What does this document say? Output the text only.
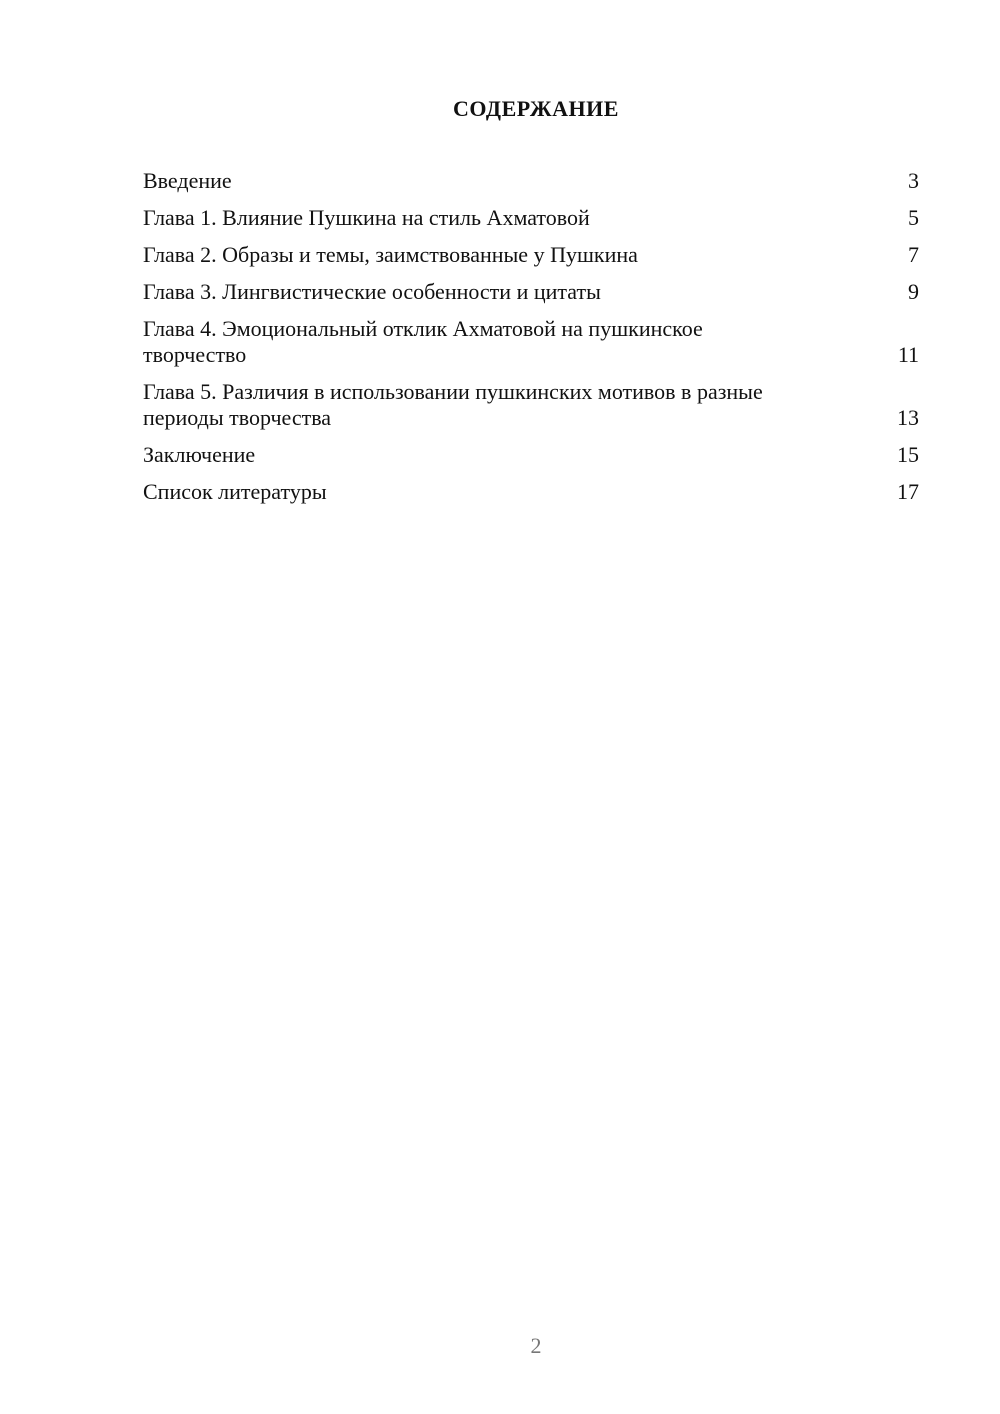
СОДЕРЖАНИЕ
Введение	3
Глава 1. Влияние Пушкина на стиль Ахматовой	5
Глава 2. Образы и темы, заимствованные у Пушкина	7
Глава 3. Лингвистические особенности и цитаты	9
Глава 4. Эмоциональный отклик Ахматовой на пушкинское творчество	11
Глава 5. Различия в использовании пушкинских мотивов в разные периоды творчества	13
Заключение	15
Список литературы	17
2
